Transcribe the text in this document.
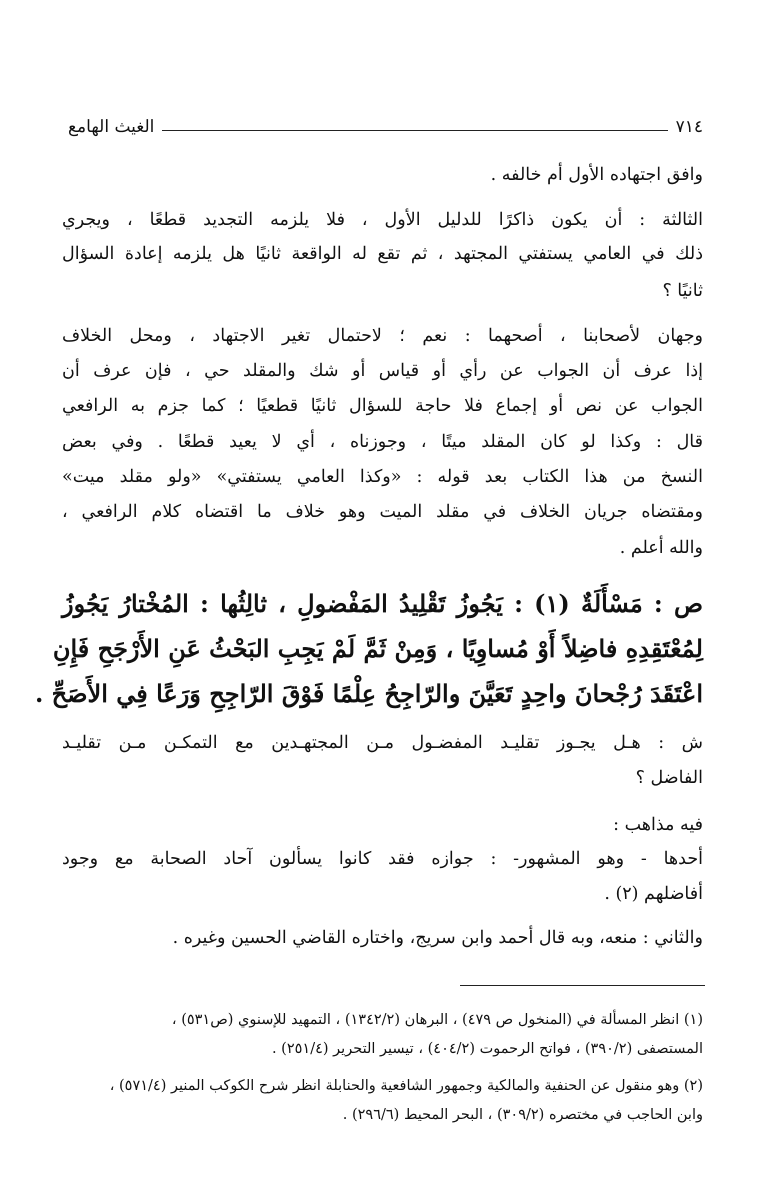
٧١٤
الغيث الهامع
وافق اجتهاده الأول أم خالفه .
الثالثة : أن يكون ذاكرًا للدليل الأول ، فلا يلزمه التجديد قطعًا ، ويجري
ذلك في العامي يستفتي المجتهد ، ثم تقع له الواقعة ثانيًا هل يلزمه إعادة السؤال
ثانيًا ؟
وجهان لأصحابنا ، أصحهما : نعم ؛ لاحتمال تغير الاجتهاد ، ومحل الخلاف
إذا عرف أن الجواب عن رأي أو قياس أو شك والمقلد حي ، فإن عرف أن
الجواب عن نص أو إجماع فلا حاجة للسؤال ثانيًا قطعيًا ؛ كما جزم به الرافعي
قال : وكذا لو كان المقلد ميتًا ، وجوزناه ، أي لا يعيد قطعًا . وفي بعض
النسخ من هذا الكتاب بعد قوله : «وكذا العامي يستفتي» «ولو مقلد ميت»
ومقتضاه جريان الخلاف في مقلد الميت وهو خلاف ما اقتضاه كلام الرافعي ،
والله أعلم .
ص : مَسْأَلَةٌ (١) : يَجُوزُ تَقْلِيدُ المَفْضولِ ، ثالِثُها : المُخْتارُ يَجُوزُ
لِمُعْتَقِدِهِ فاضِلاً أَوْ مُساوِيًا ، وَمِنْ ثَمَّ لَمْ يَجِبِ البَحْثُ عَنِ الأَرْجَحِ فَإِنِ
اعْتَقَدَ رُجْحانَ واحِدٍ تَعَيَّنَ والرّاجِحُ عِلْمًا فَوْقَ الرّاجِحِ وَرَعًا فِي الأَصَحِّ .
ش : هـل يجـوز تقليـد المفضـول مـن المجتهـدين مع التمكـن مـن تقليـد
الفاضل ؟
فيه مذاهب :
أحدها - وهو المشهور- : جوازه فقد كانوا يسألون آحاد الصحابة مع وجود
أفاضلهم (٢) .
والثاني : منعه، وبه قال أحمد وابن سريج، واختاره القاضي الحسين وغيره .
(١) انظر المسألة في (المنخول ص ٤٧٩) ، البرهان (١٣٤٢/٢) ، التمهيد للإسنوي (ص٥٣١) ،
المستصفى (٣٩٠/٢) ، فواتح الرحموت (٤٠٤/٢) ، تيسير التحرير (٢٥١/٤) .
(٢) وهو منقول عن الحنفية والمالكية وجمهور الشافعية والحنابلة انظر شرح الكوكب المنير (٥٧١/٤) ،
وابن الحاجب في مختصره (٣٠٩/٢) ، البحر المحيط (٢٩٦/٦) .
